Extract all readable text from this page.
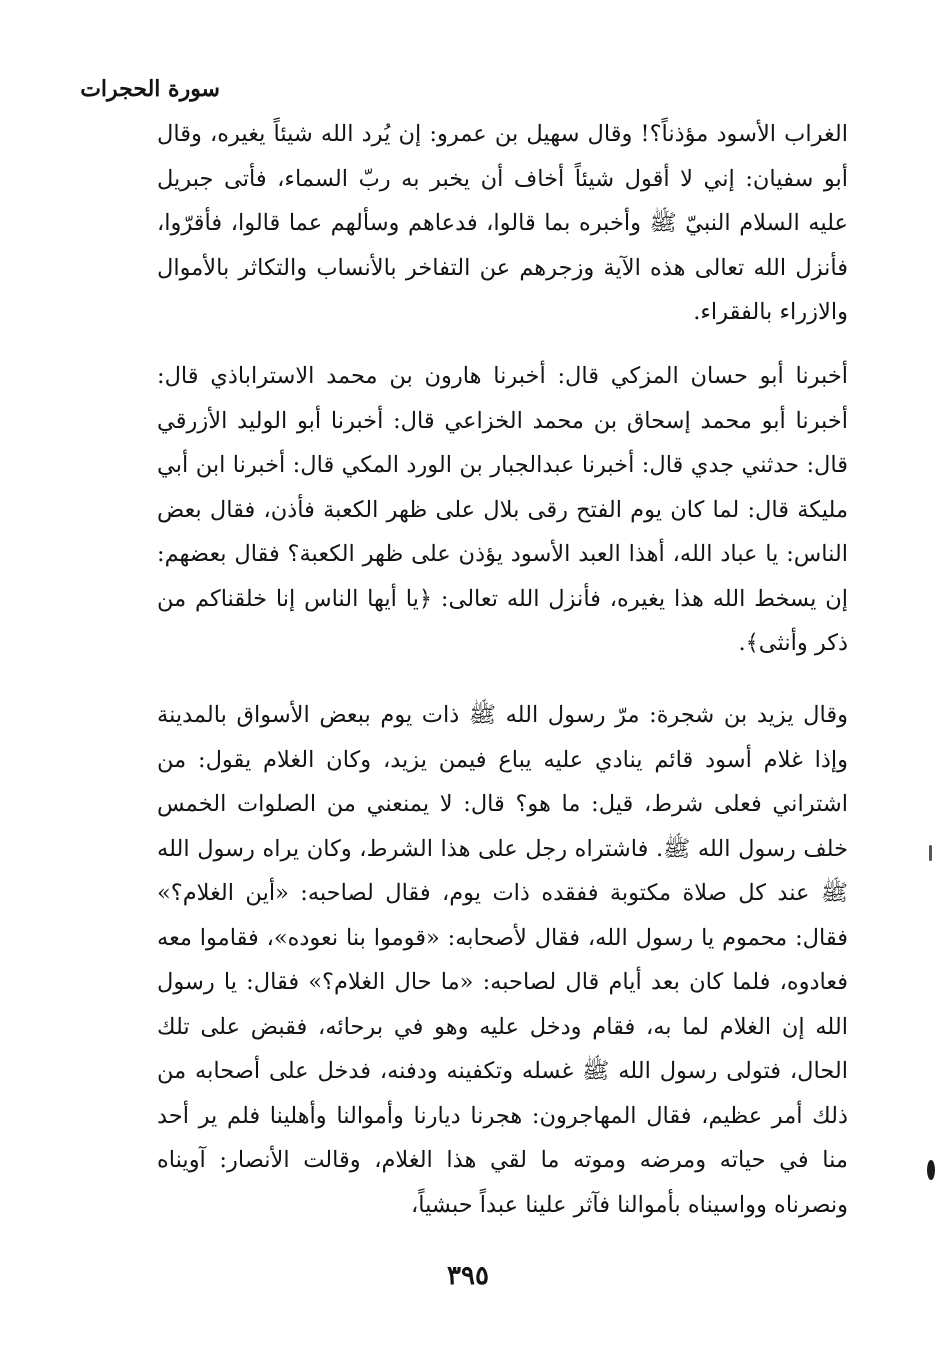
سورة الحجرات

الغراب الأسود مؤذناً؟! وقال سهيل بن عمرو: إن يُرد الله شيئاً يغيره، وقال أبو سفيان: إني لا أقول شيئاً أخاف أن يخبر به ربّ السماء، فأتى جبريل عليه السلام النبيّ ﷺ وأخبره بما قالوا، فدعاهم وسألهم عما قالوا، فأقرّوا، فأنزل الله تعالى هذه الآية وزجرهم عن التفاخر بالأنساب والتكاثر بالأموال والازراء بالفقراء.

أخبرنا أبو حسان المزكي قال: أخبرنا هارون بن محمد الاستراباذي قال: أخبرنا أبو محمد إسحاق بن محمد الخزاعي قال: أخبرنا أبو الوليد الأزرقي قال: حدثني جدي قال: أخبرنا عبدالجبار بن الورد المكي قال: أخبرنا ابن أبي مليكة قال: لما كان يوم الفتح رقى بلال على ظهر الكعبة فأذن، فقال بعض الناس: يا عباد الله، أهذا العبد الأسود يؤذن على ظهر الكعبة؟ فقال بعضهم: إن يسخط الله هذا يغيره، فأنزل الله تعالى: ﴿يا أيها الناس إنا خلقناكم من ذكر وأنثى﴾.

وقال يزيد بن شجرة: مرّ رسول الله ﷺ ذات يوم ببعض الأسواق بالمدينة وإذا غلام أسود قائم ينادي عليه يباع فيمن يزيد، وكان الغلام يقول: من اشتراني فعلى شرط، قيل: ما هو؟ قال: لا يمنعني من الصلوات الخمس خلف رسول الله ﷺ. فاشتراه رجل على هذا الشرط، وكان يراه رسول الله ﷺ عند كل صلاة مكتوبة ففقده ذات يوم، فقال لصاحبه: «أين الغلام؟» فقال: محموم يا رسول الله، فقال لأصحابه: «قوموا بنا نعوده»، فقاموا معه فعادوه، فلما كان بعد أيام قال لصاحبه: «ما حال الغلام؟» فقال: يا رسول الله إن الغلام لما به، فقام ودخل عليه وهو في برحائه، فقبض على تلك الحال، فتولى رسول الله ﷺ غسله وتكفينه ودفنه، فدخل على أصحابه من ذلك أمر عظيم، فقال المهاجرون: هجرنا ديارنا وأموالنا وأهلينا فلم ير أحد منا في حياته ومرضه وموته ما لقي هذا الغلام، وقالت الأنصار: آويناه ونصرناه وواسيناه بأموالنا فآثر علينا عبداً حبشياً،

٣٩٥
